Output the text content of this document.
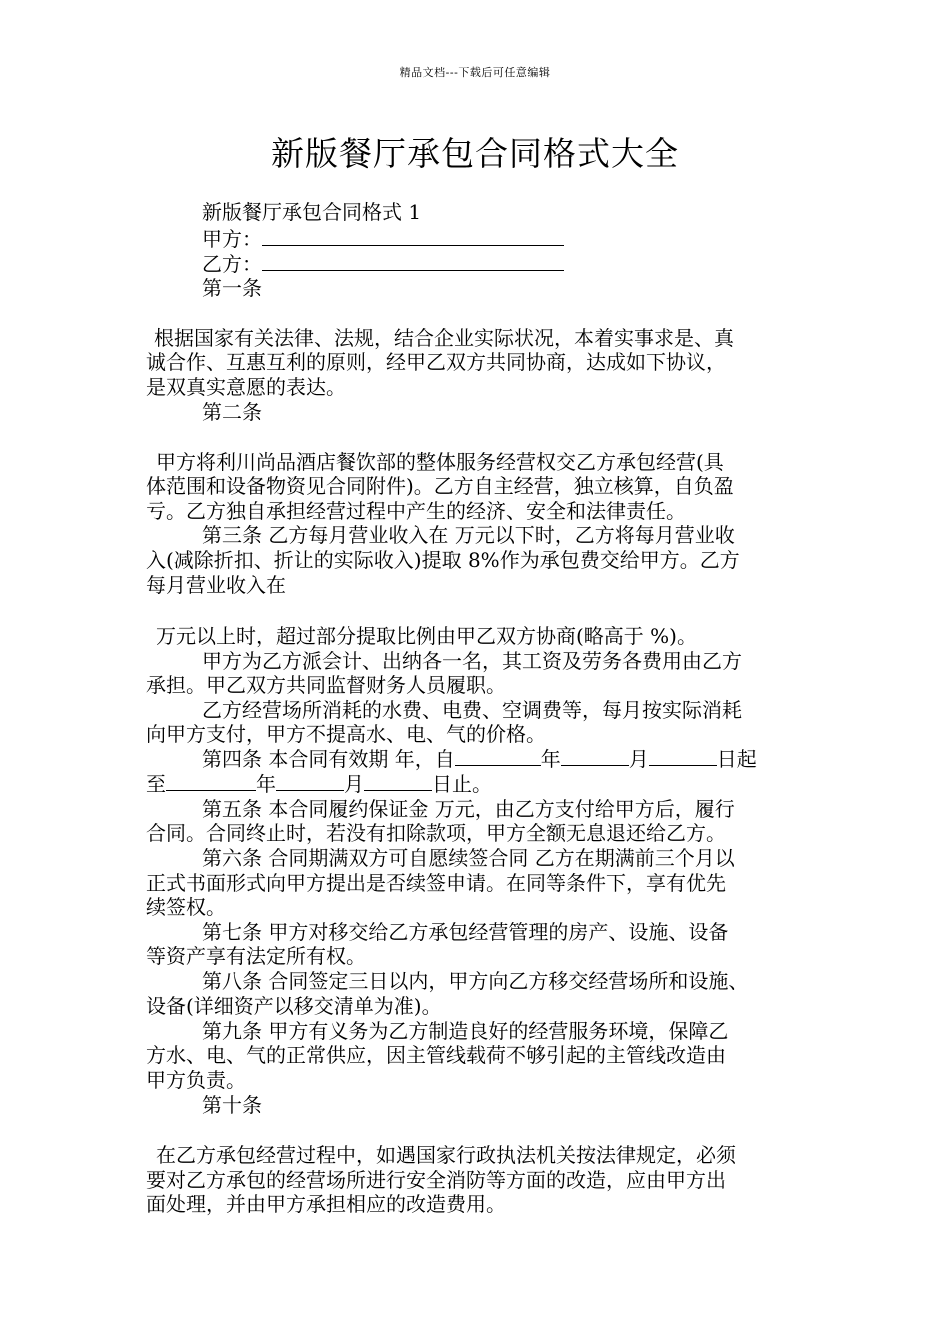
精品文档---下载后可任意编辑
新版餐厅承包合同格式大全
新版餐厅承包合同格式 1
甲方：
乙方：
第一条
根据国家有关法律、法规，结合企业实际状况，本着实事求是、真
诚合作、互惠互利的原则，经甲乙双方共同协商，达成如下协议，
是双真实意愿的表达。
第二条
甲方将利川尚品酒店餐饮部的整体服务经营权交乙方承包经营(具
体范围和设备物资见合同附件)。乙方自主经营，独立核算，自负盈
亏。乙方独自承担经营过程中产生的经济、安全和法律责任。
第三条 乙方每月营业收入在 万元以下时，乙方将每月营业收
入(减除折扣、折让的实际收入)提取 8%作为承包费交给甲方。乙方
每月营业收入在
万元以上时，超过部分提取比例由甲乙双方协商(略高于 %)。
甲方为乙方派会计、出纳各一名，其工资及劳务各费用由乙方
承担。甲乙双方共同监督财务人员履职。
乙方经营场所消耗的水费、电费、空调费等，每月按实际消耗
向甲方支付，甲方不提高水、电、气的价格。
第四条 本合同有效期 年，自	年	月	日起
至	年	月	日止。
第五条 本合同履约保证金 万元，由乙方支付给甲方后，履行
合同。合同终止时，若没有扣除款项，甲方全额无息退还给乙方。
第六条 合同期满双方可自愿续签合同 乙方在期满前三个月以
正式书面形式向甲方提出是否续签申请。在同等条件下，享有优先
续签权。
第七条 甲方对移交给乙方承包经营管理的房产、设施、设备
等资产享有法定所有权。
第八条 合同签定三日以内，甲方向乙方移交经营场所和设施、
设备(详细资产以移交清单为准)。
第九条 甲方有义务为乙方制造良好的经营服务环境，保障乙
方水、电、气的正常供应，因主管线载荷不够引起的主管线改造由
甲方负责。
第十条
在乙方承包经营过程中，如遇国家行政执法机关按法律规定，必须
要对乙方承包的经营场所进行安全消防等方面的改造，应由甲方出
面处理，并由甲方承担相应的改造费用。
